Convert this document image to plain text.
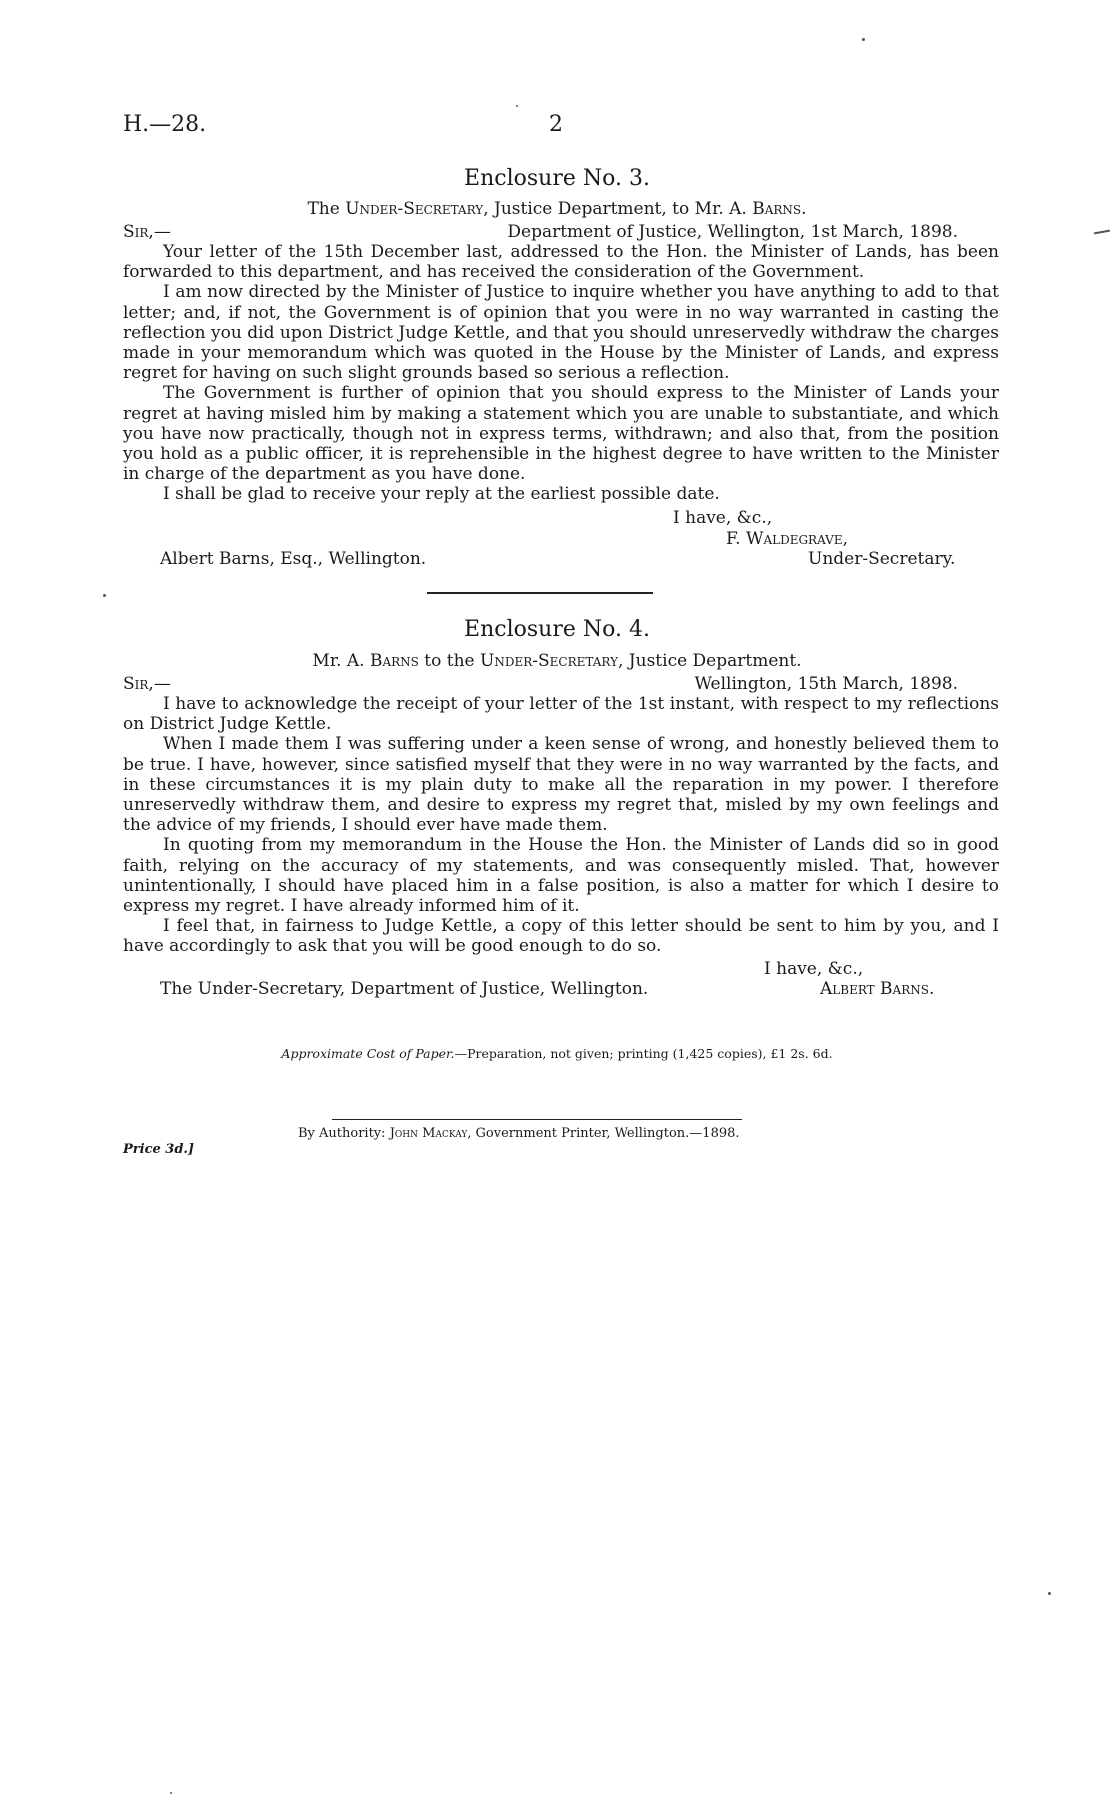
H.—28.	2
Enclosure No. 3.
The Under-Secretary, Justice Department, to Mr. A. Barns.
Sir,—	Department of Justice, Wellington, 1st March, 1898.

Your letter of the 15th December last, addressed to the Hon. the Minister of Lands, has been forwarded to this department, and has received the consideration of the Government.

I am now directed by the Minister of Justice to inquire whether you have anything to add to that letter; and, if not, the Government is of opinion that you were in no way warranted in casting the reflection you did upon District Judge Kettle, and that you should unreservedly withdraw the charges made in your memorandum which was quoted in the House by the Minister of Lands, and express regret for having on such slight grounds based so serious a reflection.

The Government is further of opinion that you should express to the Minister of Lands your regret at having misled him by making a statement which you are unable to substantiate, and which you have now practically, though not in express terms, withdrawn; and also that, from the position you hold as a public officer, it is reprehensible in the highest degree to have written to the Minister in charge of the department as you have done.

I shall be glad to receive your reply at the earliest possible date.

I have, &c.,
F. Waldegrave,
Albert Barns, Esq., Wellington.	Under-Secretary.
Enclosure No. 4.
Mr. A. Barns to the Under-Secretary, Justice Department.
Sir,—	Wellington, 15th March, 1898.

I have to acknowledge the receipt of your letter of the 1st instant, with respect to my reflections on District Judge Kettle.

When I made them I was suffering under a keen sense of wrong, and honestly believed them to be true. I have, however, since satisfied myself that they were in no way warranted by the facts, and in these circumstances it is my plain duty to make all the reparation in my power. I therefore unreservedly withdraw them, and desire to express my regret that, misled by my own feelings and the advice of my friends, I should ever have made them.

In quoting from my memorandum in the House the Hon. the Minister of Lands did so in good faith, relying on the accuracy of my statements, and was consequently misled. That, however unintentionally, I should have placed him in a false position, is also a matter for which I desire to express my regret. I have already informed him of it.

I feel that, in fairness to Judge Kettle, a copy of this letter should be sent to him by you, and I have accordingly to ask that you will be good enough to do so.

I have, &c.,
The Under-Secretary, Department of Justice, Wellington.	Albert Barns.
Approximate Cost of Paper.—Preparation, not given; printing (1,425 copies), £1 2s. 6d.
By Authority: John Mackay, Government Printer, Wellington.—1898.
Price 3d.]
